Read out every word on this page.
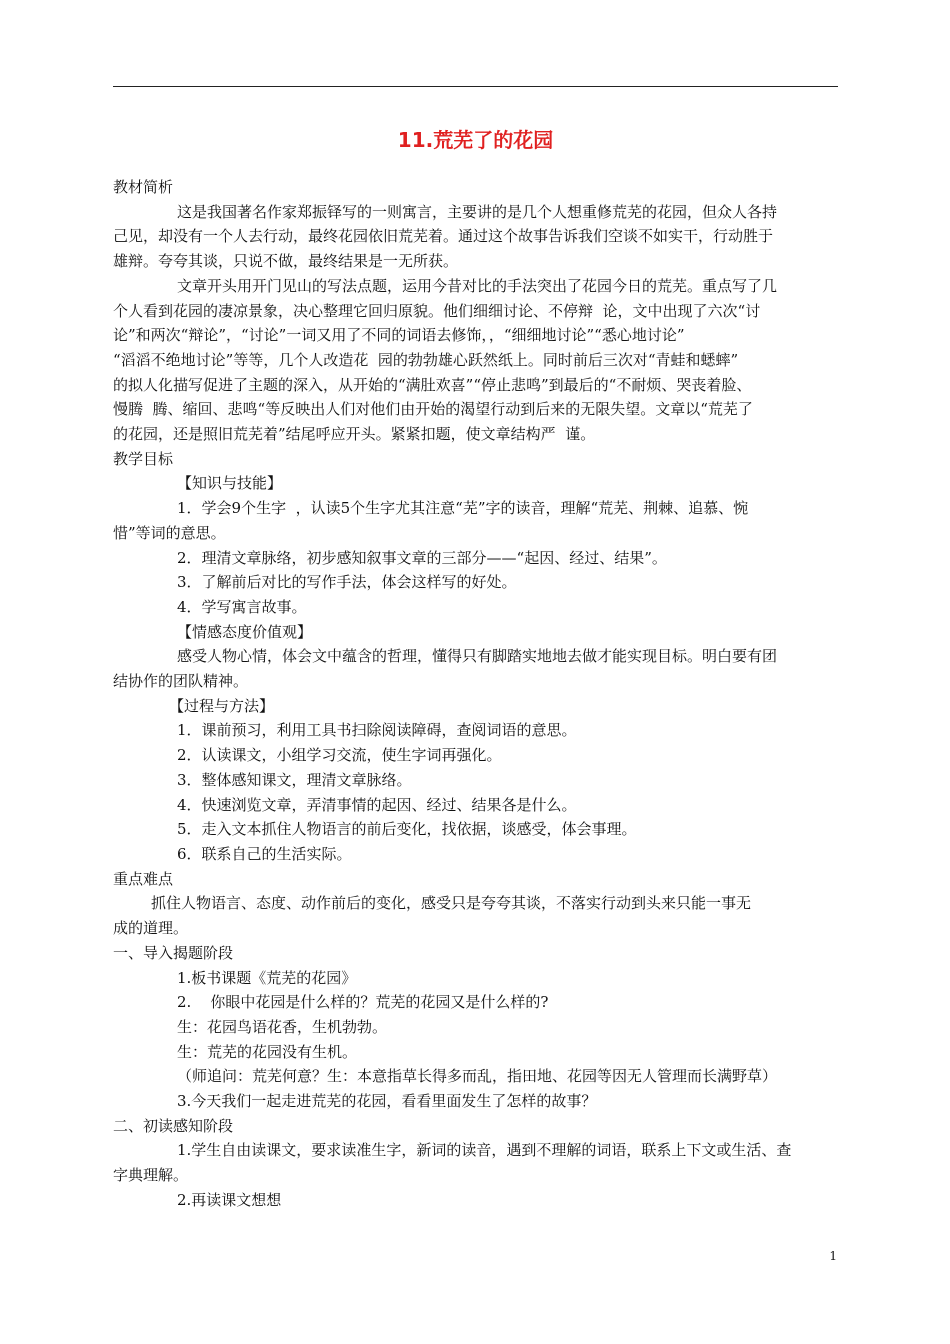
11.荒芜了的花园
教材简析
这是我国著名作家郑振铎写的一则寓言，主要讲的是几个人想重修荒芜的花园，但众人各持
己见，却没有一个人去行动，最终花园依旧荒芜着。通过这个故事告诉我们空谈不如实干，行动胜于
雄辩。夸夸其谈，只说不做，最终结果是一无所获。
文章开头用开门见山的写法点题，运用今昔对比的手法突出了花园今日的荒芜。重点写了几
个人看到花园的凄凉景象，决心整理它回归原貌。他们细细讨论、不停辩  论，文中出现了六次“讨
论”和两次“辩论”，“讨论”一词又用了不同的词语去修饰，，“细细地讨论”“悉心地讨论”
“滔滔不绝地讨论”等等，几个人改造花  园的勃勃雄心跃然纸上。同时前后三次对“青蛙和蟋蟀”
的拟人化描写促进了主题的深入，从开始的“满肚欢喜”“停止悲鸣”到最后的“不耐烦、哭丧着脸、
慢腾  腾、缩回、悲鸣“等反映出人们对他们由开始的渴望行动到后来的无限失望。文章以“荒芜了
的花园，还是照旧荒芜着”结尾呼应开头。紧紧扣题，使文章结构严  谨。
教学目标
【知识与技能】
1．学会9个生字  ，认读5个生字尤其注意“芜”字的读音，理解“荒芜、荆棘、追慕、惋
惜”等词的意思。
2．理清文章脉络，初步感知叙事文章的三部分——“起因、经过、结果”。
3．了解前后对比的写作手法，体会这样写的好处。
4．学写寓言故事。
【情感态度价值观】
感受人物心情，体会文中蕴含的哲理，懂得只有脚踏实地地去做才能实现目标。明白要有团
结协作的团队精神。
【过程与方法】
1．课前预习，利用工具书扫除阅读障碍，查阅词语的意思。
2．认读课文，小组学习交流，使生字词再强化。
3．整体感知课文，理清文章脉络。
4．快速浏览文章，弄清事情的起因、经过、结果各是什么。
5．走入文本抓住人物语言的前后变化，找依据，谈感受，体会事理。
6．联系自己的生活实际。
重点难点
抓住人物语言、态度、动作前后的变化，感受只是夸夸其谈，不落实行动到头来只能一事无
成的道理。
一、导入揭题阶段
1.板书课题《荒芜的花园》
2.    你眼中花园是什么样的？荒芜的花园又是什么样的?
生：花园鸟语花香，生机勃勃。
生：荒芜的花园没有生机。
（师追问：荒芜何意？生：本意指草长得多而乱，指田地、花园等因无人管理而长满野草）
3.今天我们一起走进荒芜的花园，看看里面发生了怎样的故事？
二、初读感知阶段
1.学生自由读课文，要求读准生字，新词的读音，遇到不理解的词语，联系上下文或生活、查
字典理解。
2.再读课文想想
1
